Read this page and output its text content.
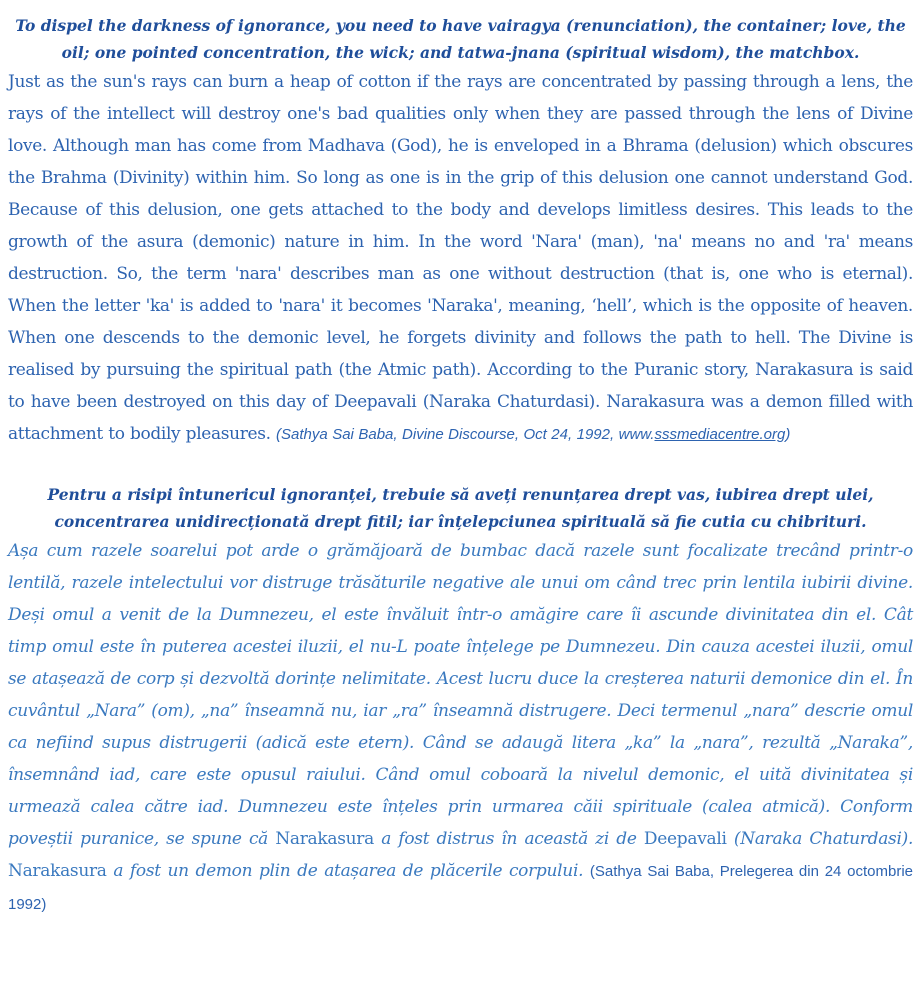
To dispel the darkness of ignorance, you need to have vairagya (renunciation), the container; love, the oil; one pointed concentration, the wick; and tatwa-jnana (spiritual wisdom), the matchbox.

Just as the sun's rays can burn a heap of cotton if the rays are concentrated by passing through a lens, the rays of the intellect will destroy one's bad qualities only when they are passed through the lens of Divine love. Although man has come from Madhava (God), he is enveloped in a Bhrama (delusion) which obscures the Brahma (Divinity) within him. So long as one is in the grip of this delusion one cannot understand God. Because of this delusion, one gets attached to the body and develops limitless desires. This leads to the growth of the asura (demonic) nature in him. In the word 'Nara' (man), 'na' means no and 'ra' means destruction. So, the term 'nara' describes man as one without destruction (that is, one who is eternal). When the letter 'ka' is added to 'nara' it becomes 'Naraka', meaning, ‘hell’, which is the opposite of heaven. When one descends to the demonic level, he forgets divinity and follows the path to hell. The Divine is realised by pursuing the spiritual path (the Atmic path). According to the Puranic story, Narakasura is said to have been destroyed on this day of Deepavali (Naraka Chaturdasi). Narakasura was a demon filled with attachment to bodily pleasures. (Sathya Sai Baba, Divine Discourse, Oct 24, 1992, www.sssmediacentre.org)

Pentru a risipi întunericul ignoranței, trebuie să aveți renunțarea drept vas, iubirea drept ulei, concentrarea unidirecționată drept fitil; iar înțelepciunea spirituală să fie cutia cu chibrituri.

Așa cum razele soarelui pot arde o grămăjoară de bumbac dacă razele sunt focalizate trecând printr-o lentilă, razele intelectului vor distruge trăsăturile negative ale unui om când trec prin lentila iubirii divine. Deși omul a venit de la Dumnezeu, el este învăluit într-o amăgire care îi ascunde divinitatea din el. Cât timp omul este în puterea acestei iluzii, el nu-L poate înțelege pe Dumnezeu. Din cauza acestei iluzii, omul se atașează de corp și dezvoltă dorințe nelimitate. Acest lucru duce la creșterea naturii demonice din el. În cuvântul „Nara” (om), „na” înseamnă nu, iar „ra” înseamnă distrugere. Deci termenul „nara” descrie omul ca nefiind supus distrugerii (adică este etern). Când se adaugă litera „ka” la „nara”, rezultă „Naraka”, însemnând iad, care este opusul raiului. Când omul coboară la nivelul demonic, el uită divinitatea și urmează calea către iad. Dumnezeu este înțeles prin urmarea căii spirituale (calea atmică). Conform poveștii puranice, se spune că Narakasura a fost distrus în această zi de Deepavali (Naraka Chaturdasi). Narakasura a fost un demon plin de atașarea de plăcerile corpului. (Sathya Sai Baba, Prelegerea din 24 octombrie 1992)
